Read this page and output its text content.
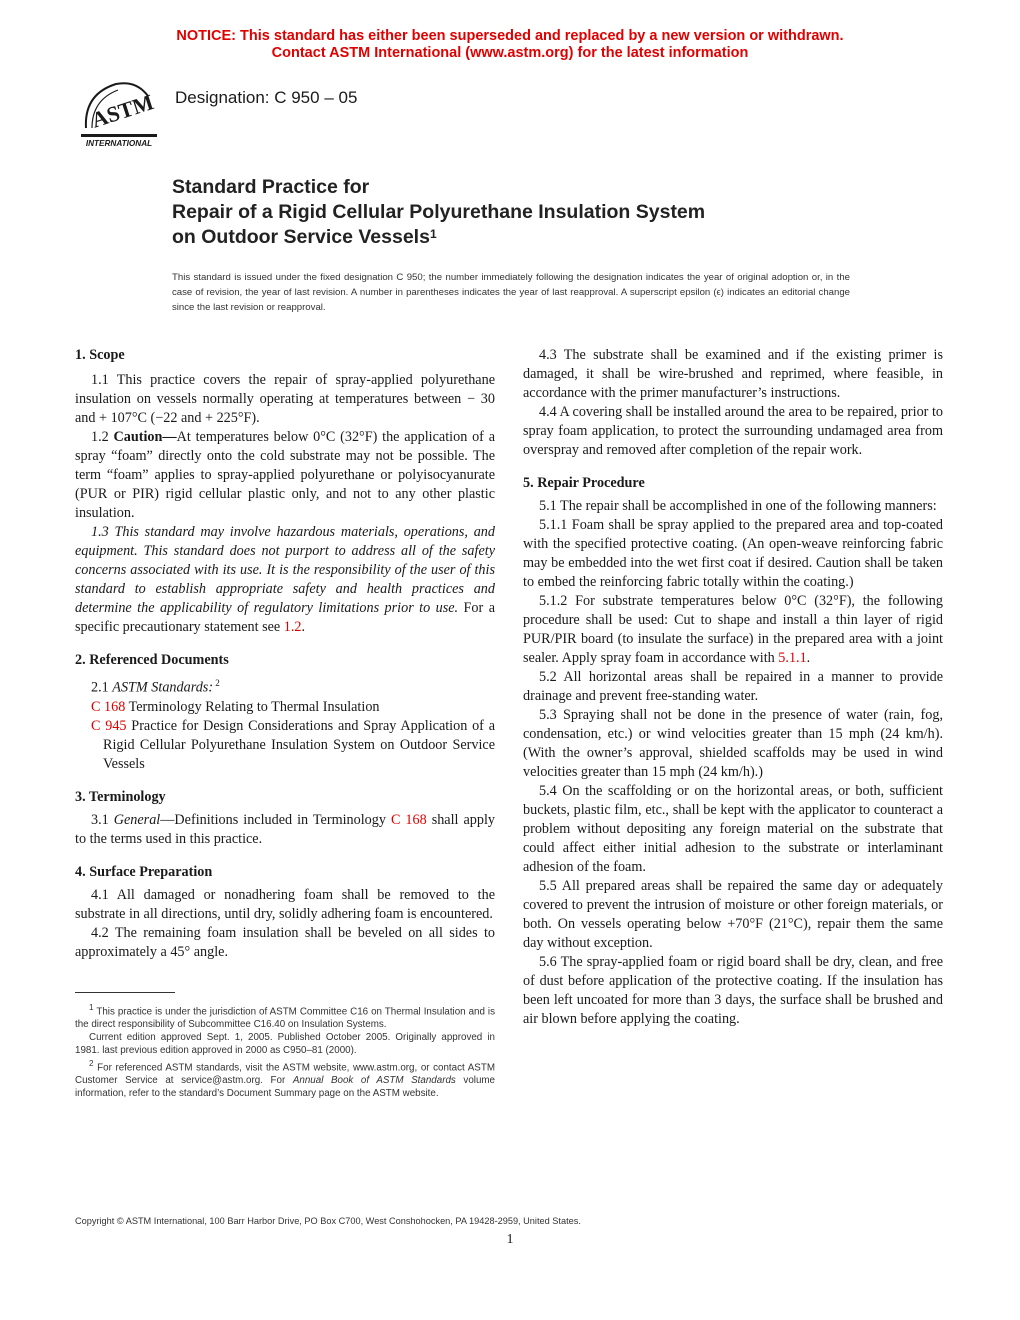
NOTICE: This standard has either been superseded and replaced by a new version or withdrawn.
Contact ASTM International (www.astm.org) for the latest information
ASTM
INTERNATIONAL
Designation: C 950 – 05
Standard Practice for
Repair of a Rigid Cellular Polyurethane Insulation System
on Outdoor Service Vessels$^1$
This standard is issued under the fixed designation C 950; the number immediately following the designation indicates the year of original adoption or, in the case of revision, the year of last revision. A number in parentheses indicates the year of last reapproval. A superscript epsilon (ϵ) indicates an editorial change since the last revision or reapproval.

1. Scope

1.1 This practice covers the repair of spray-applied polyurethane insulation on vessels normally operating at temperatures between − 30 and + 107°C (−22 and + 225°F).

1.2 Caution—At temperatures below 0°C (32°F) the application of a spray “foam” directly onto the cold substrate may not be possible. The term “foam” applies to spray-applied polyurethane or polyisocyanurate (PUR or PIR) rigid cellular plastic only, and not to any other plastic insulation.

1.3 This standard may involve hazardous materials, operations, and equipment. This standard does not purport to address all of the safety concerns associated with its use. It is the responsibility of the user of this standard to establish appropriate safety and health practices and determine the applicability of regulatory limitations prior to use. For a specific precautionary statement see 1.2.

2. Referenced Documents

2.1 ASTM Standards: $^2$

C 168 Terminology Relating to Thermal Insulation

C 945 Practice for Design Considerations and Spray Application of a Rigid Cellular Polyurethane Insulation System on Outdoor Service Vessels

3. Terminology

3.1 General—Definitions included in Terminology C 168 shall apply to the terms used in this practice.

4. Surface Preparation

4.1 All damaged or nonadhering foam shall be removed to the substrate in all directions, until dry, solidly adhering foam is encountered.

4.2 The remaining foam insulation shall be beveled on all sides to approximately a 45° angle.

$^1$ This practice is under the jurisdiction of ASTM Committee C16 on Thermal Insulation and is the direct responsibility of Subcommittee C16.40 on Insulation Systems.

Current edition approved Sept. 1, 2005. Published October 2005. Originally approved in 1981. last previous edition approved in 2000 as C950–81 (2000).

$^2$ For referenced ASTM standards, visit the ASTM website, www.astm.org, or contact ASTM Customer Service at service@astm.org. For Annual Book of ASTM Standards volume information, refer to the standard’s Document Summary page on the ASTM website.

4.3 The substrate shall be examined and if the existing primer is damaged, it shall be wire-brushed and reprimed, where feasible, in accordance with the primer manufacturer’s instructions.

4.4 A covering shall be installed around the area to be repaired, prior to spray foam application, to protect the surrounding undamaged area from overspray and removed after completion of the repair work.

5. Repair Procedure

5.1 The repair shall be accomplished in one of the following manners:

5.1.1 Foam shall be spray applied to the prepared area and top-coated with the specified protective coating. (An open-weave reinforcing fabric may be embedded into the wet first coat if desired. Caution shall be taken to embed the reinforcing fabric totally within the coating.)

5.1.2 For substrate temperatures below 0°C (32°F), the following procedure shall be used: Cut to shape and install a thin layer of rigid PUR/PIR board (to insulate the surface) in the prepared area with a joint sealer. Apply spray foam in accordance with 5.1.1.

5.2 All horizontal areas shall be repaired in a manner to provide drainage and prevent free-standing water.

5.3 Spraying shall not be done in the presence of water (rain, fog, condensation, etc.) or wind velocities greater than 15 mph (24 km/h). (With the owner’s approval, shielded scaffolds may be used in wind velocities greater than 15 mph (24 km/h).)

5.4 On the scaffolding or on the horizontal areas, or both, sufficient buckets, plastic film, etc., shall be kept with the applicator to counteract a problem without depositing any foreign material on the substrate that could affect either initial adhesion to the substrate or interlaminant adhesion of the foam.

5.5 All prepared areas shall be repaired the same day or adequately covered to prevent the intrusion of moisture or other foreign materials, or both. On vessels operating below +70°F (21°C), repair them the same day without exception.

5.6 The spray-applied foam or rigid board shall be dry, clean, and free of dust before application of the protective coating. If the insulation has been left uncoated for more than 3 days, the surface shall be brushed and air blown before applying the coating.

Copyright © ASTM International, 100 Barr Harbor Drive, PO Box C700, West Conshohocken, PA 19428-2959, United States.
1
